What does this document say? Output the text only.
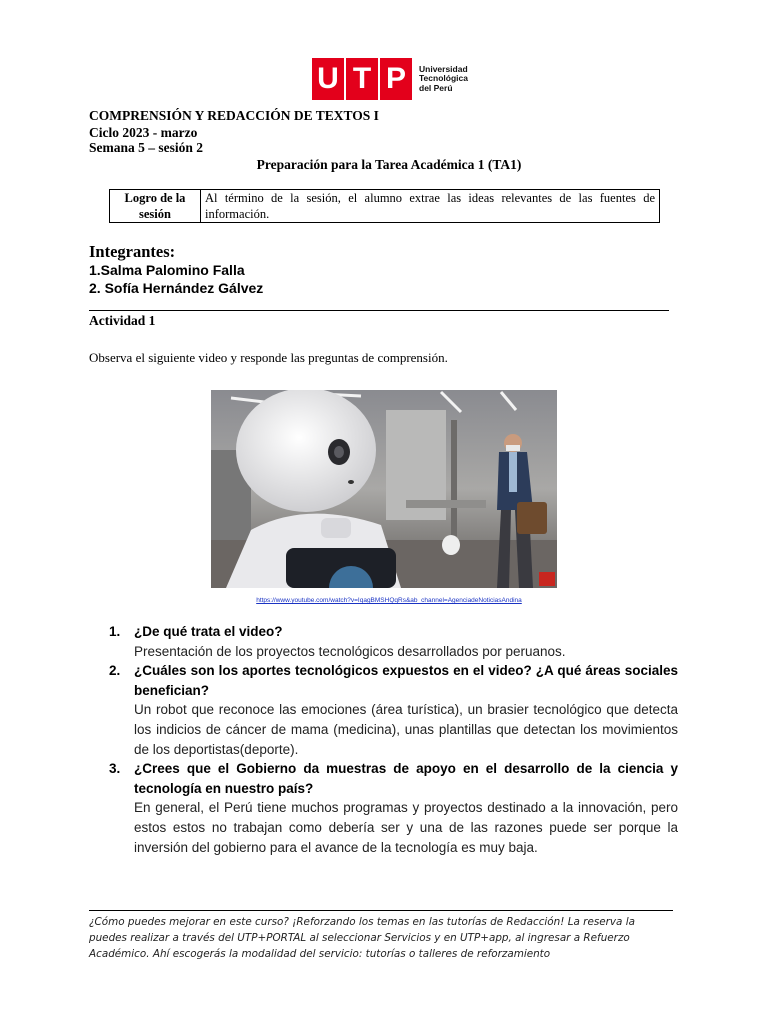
U T P	Universidad
Tecnológica
del Perú
COMPRENSIÓN Y REDACCIÓN DE TEXTOS I
Ciclo 2023 - marzo
Semana 5 – sesión 2
Preparación para la Tarea Académica 1 (TA1)
Logro de la sesión	Al término de la sesión, el alumno extrae las ideas relevantes de las fuentes de información.
Integrantes:
1.Salma Palomino Falla
2. Sofía Hernández Gálvez
Actividad 1
Observa el siguiente video y responde las preguntas de comprensión.
https://www.youtube.com/watch?v=IqagBMSHQqRs&ab_channel=AgenciadeNoticiasAndina
1.	¿De qué trata el video?
Presentación de los proyectos tecnológicos desarrollados por peruanos.
2.	¿Cuáles son los aportes tecnológicos expuestos en el video? ¿A qué áreas sociales benefician?
Un robot que reconoce las emociones (área turística), un brasier tecnológico que detecta los indicios de cáncer de mama (medicina), unas plantillas que detectan los movimientos de los deportistas(deporte).
3.	¿Crees que el Gobierno da muestras de apoyo en el desarrollo de la ciencia y tecnología en nuestro país?
En general, el Perú tiene muchos programas y proyectos destinado a la innovación, pero estos estos no trabajan como debería ser y una de las razones puede ser porque la inversión del gobierno para el avance de la tecnología es muy baja.
¿Cómo puedes mejorar en este curso? ¡Reforzando los temas en las tutorías de Redacción! La reserva la puedes realizar a través del UTP+PORTAL al seleccionar Servicios y en UTP+app, al ingresar a Refuerzo Académico. Ahí escogerás la modalidad del servicio: tutorías o talleres de reforzamiento
